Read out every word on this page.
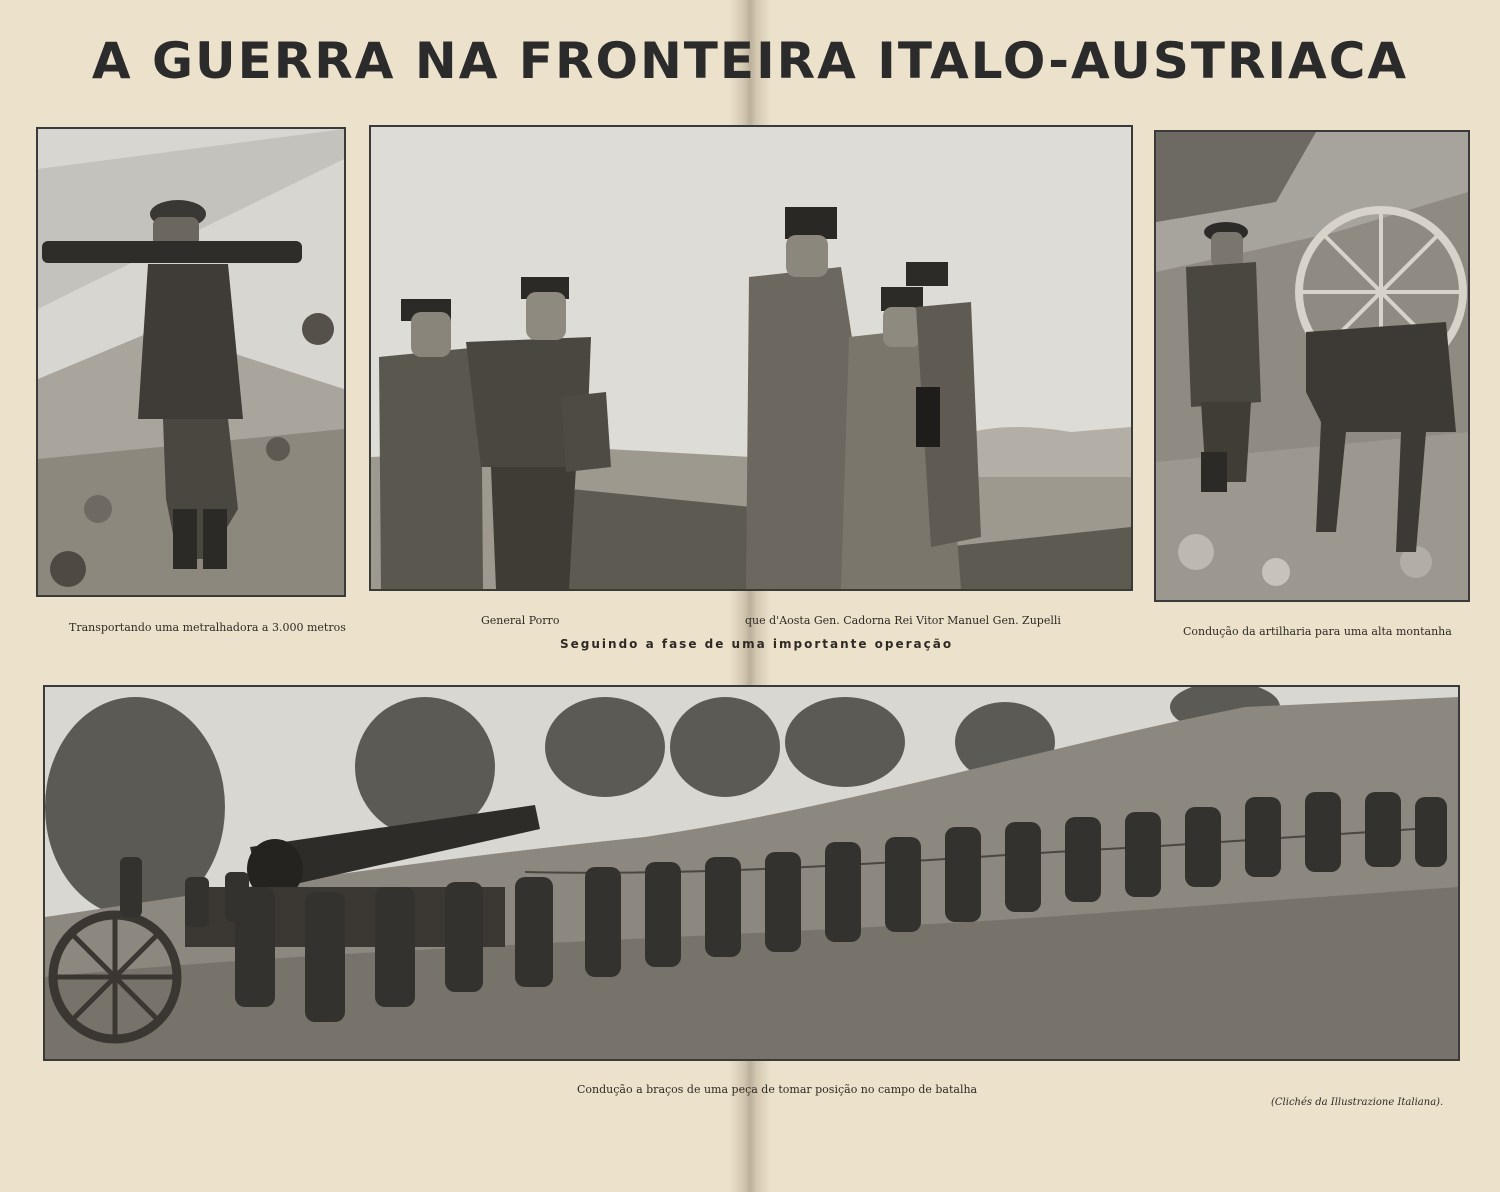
A GUERRA NA FRONTEIRA ITALO-AUSTRIACA
Transportando uma metralhadora a 3.000 metros
General Porro	que d'Aosta Gen. Cadorna Rei Vitor Manuel Gen. Zupelli
Condução da artilharia para uma alta montanha
Seguindo a fase de uma importante operação
Condução a braços de uma peça de tomar posição no campo de batalha
(Clichés da Illustrazione Italiana).
